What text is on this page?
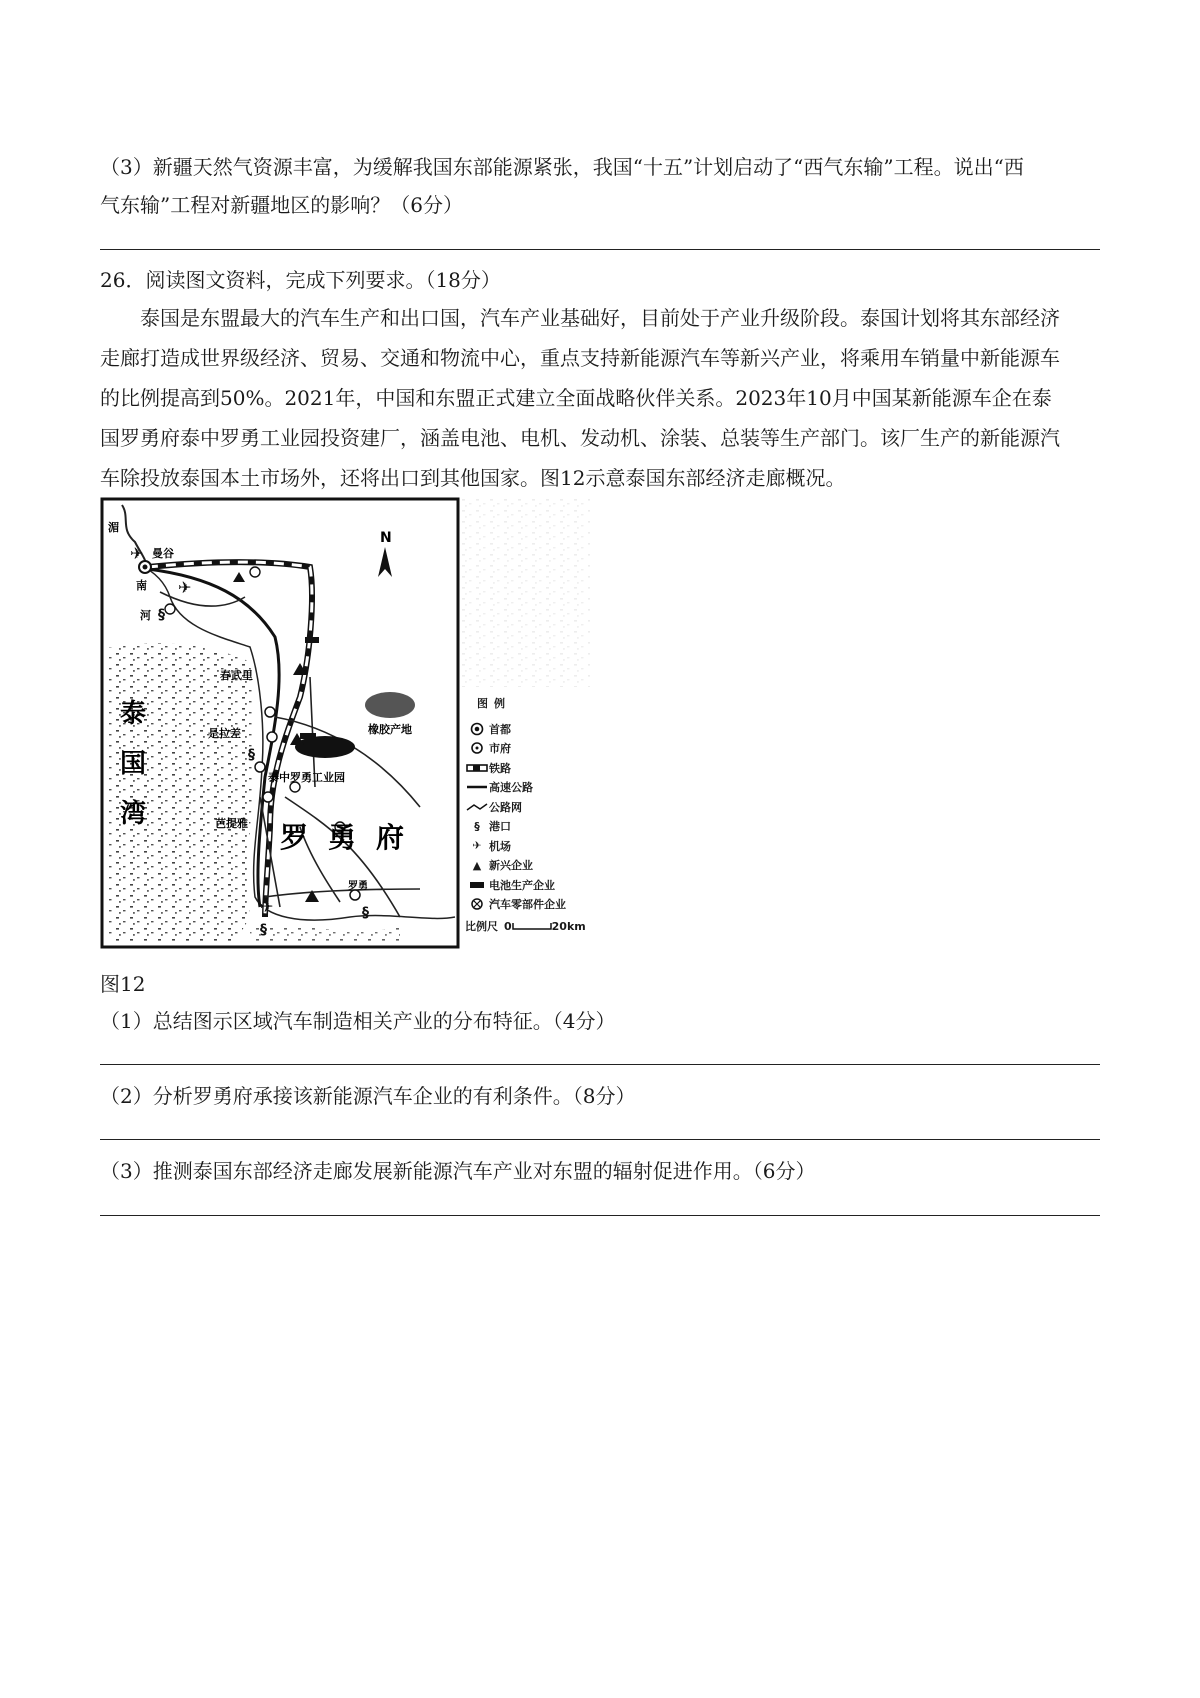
（3）新疆天然气资源丰富，为缓解我国东部能源紧张，我国“十五”计划启动了“西气东输”工程。说出“西
气东输”工程对新疆地区的影响？（6分）
26．阅读图文资料，完成下列要求。（18分）
泰国是东盟最大的汽车生产和出口国，汽车产业基础好，目前处于产业升级阶段。泰国计划将其东部经济
走廊打造成世界级经济、贸易、交通和物流中心，重点支持新能源汽车等新兴产业，将乘用车销量中新能源车
的比例提高到50%。2021年，中国和东盟正式建立全面战略伙伴关系。2023年10月中国某新能源车企在泰
国罗勇府泰中罗勇工业园投资建厂，涵盖电池、电机、发动机、涂装、总装等生产部门。该厂生产的新能源汽
车除投放泰国本土市场外，还将出口到其他国家。图12示意泰国东部经济走廊概况。
✈
✈
✈
§
§
§
§
N
曼谷
湄
南
河
春武里
是拉差
芭提雅
泰中罗勇工业园
橡胶产地
罗勇
罗勇府
泰
国
湾
图例
首都
市府
铁路
高速公路
公路网
§ 港口
✈ 机场
▲ 新兴企业
电池生产企业
汽车零部件企业
比例尺 0	20km
图12
（1）总结图示区域汽车制造相关产业的分布特征。（4分）
（2）分析罗勇府承接该新能源汽车企业的有利条件。（8分）
（3）推测泰国东部经济走廊发展新能源汽车产业对东盟的辐射促进作用。（6分）
